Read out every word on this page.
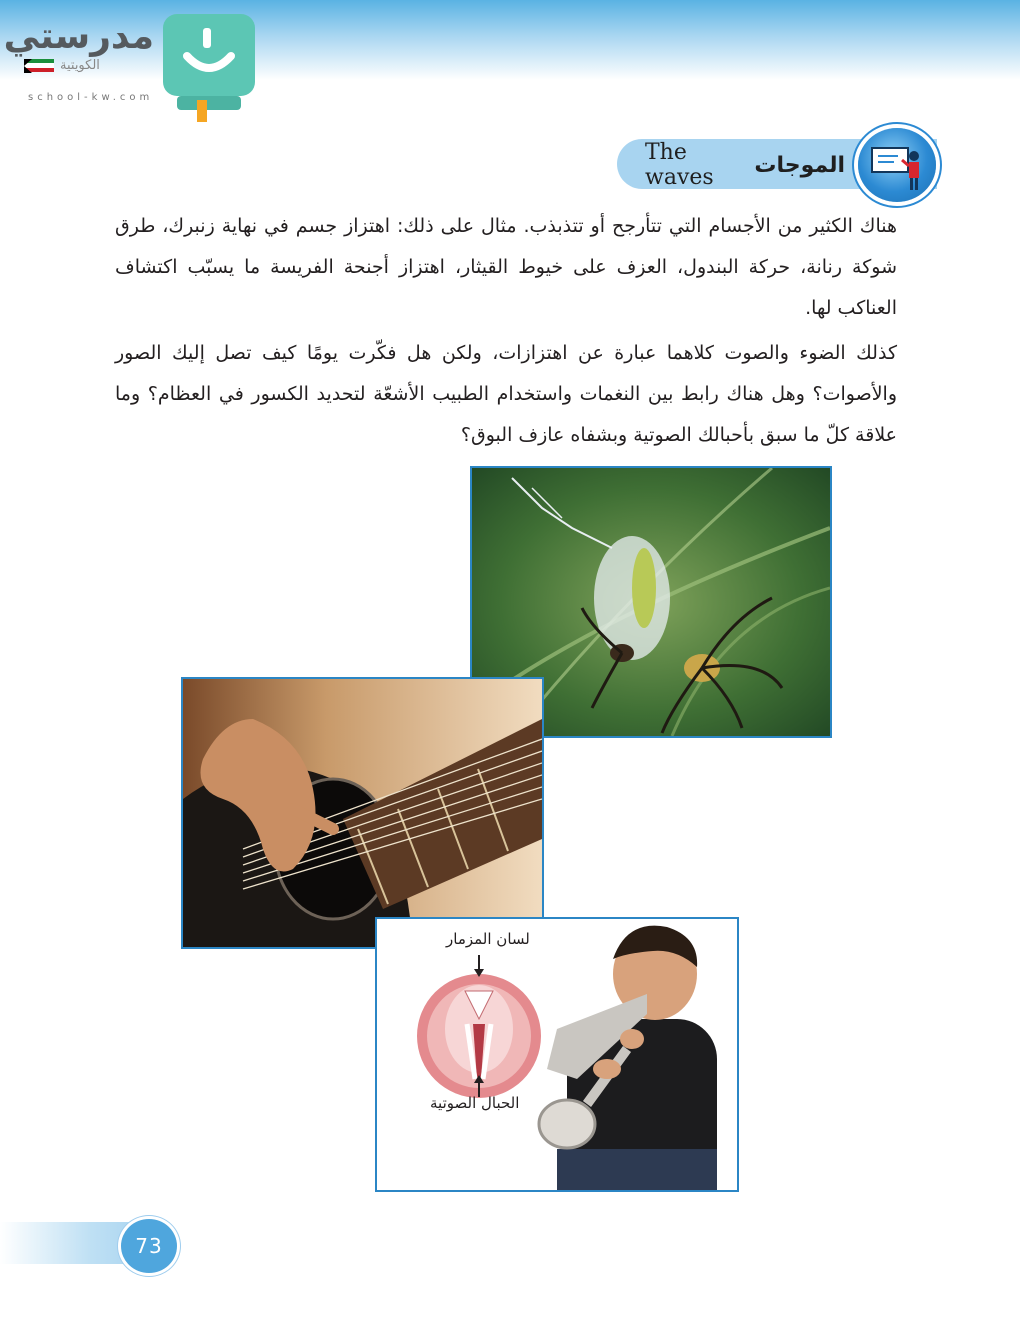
مدرستي
الكويتية
school-kw.com
The waves	الموجات

هناك الكثير من الأجسام التي تتأرجح أو تتذبذب. مثال على ذلك: اهتزاز جسم في نهاية زنبرك، طرق شوكة رنانة، حركة البندول، العزف على خيوط القيثار، اهتزاز أجنحة الفريسة ما يسبّب اكتشاف العناكب لها.

كذلك الضوء والصوت كلاهما عبارة عن اهتزازات، ولكن هل فكّرت يومًا كيف تصل إليك الصور والأصوات؟ وهل هناك رابط بين النغمات واستخدام الطبيب الأشعّة لتحديد الكسور في العظام؟ وما علاقة كلّ ما سبق بأحبالك الصوتية وبشفاه عازف البوق؟

لسان المزمار
الحبال الصوتية
73
